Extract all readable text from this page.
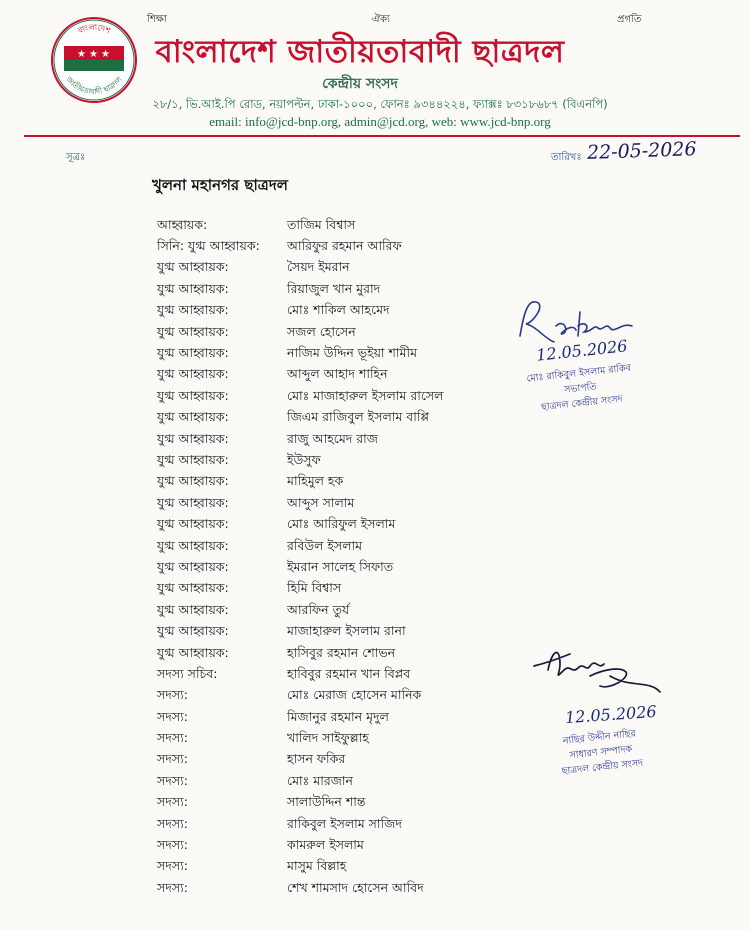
শিক্ষা	ঐক্য	প্রগতি
★ ★ ★
বাংলাদেশ
জাতীয়তাবাদী ছাত্রদল
বাংলাদেশ জাতীয়তাবাদী ছাত্রদল
কেন্দ্রীয় সংসদ
২৮/১, ভি.আই.পি রোড, নয়াপল্টন, ঢাকা-১০০০, ফোনঃ ৯৩৪৪২২৪, ফ্যাক্সঃ ৮৩১৮৬৮৭ (বিএনপি)
email: info@jcd-bnp.org, admin@jcd.org, web: www.jcd-bnp.org
সূত্রঃ	তারিখঃ 22-05-2026
খুলনা মহানগর ছাত্রদল
আহ্বায়ক:	তাজিম বিশ্বাস
সিনি: যুগ্ম আহ্বায়ক:	আরিফুর রহমান আরিফ
যুগ্ম আহ্বায়ক:	সৈয়দ ইমরান
যুগ্ম আহ্বায়ক:	রিয়াজুল খান মুরাদ
যুগ্ম আহ্বায়ক:	মোঃ শাকিল আহমেদ
যুগ্ম আহ্বায়ক:	সজল হোসেন
যুগ্ম আহ্বায়ক:	নাজিম উদ্দিন ভূইয়া শামীম
যুগ্ম আহ্বায়ক:	আব্দুল আহাদ শাহিন
যুগ্ম আহ্বায়ক:	মোঃ মাজাহারুল ইসলাম রাসেল
যুগ্ম আহ্বায়ক:	জিএম রাজিবুল ইসলাম বাপ্পি
যুগ্ম আহ্বায়ক:	রাজু আহমেদ রাজ
যুগ্ম আহ্বায়ক:	ইউসুফ
যুগ্ম আহ্বায়ক:	মাহিমুল হক
যুগ্ম আহ্বায়ক:	আব্দুস সালাম
যুগ্ম আহ্বায়ক:	মোঃ আরিফুল ইসলাম
যুগ্ম আহ্বায়ক:	রবিউল ইসলাম
যুগ্ম আহ্বায়ক:	ইমরান সালেহ সিফাত
যুগ্ম আহ্বায়ক:	হিমি বিশ্বাস
যুগ্ম আহ্বায়ক:	আরফিন তুর্য
যুগ্ম আহ্বায়ক:	মাজাহারুল ইসলাম রানা
যুগ্ম আহ্বায়ক:	হাসিবুর রহমান শোভন
সদস্য সচিব:	হাবিবুর রহমান খান বিপ্লব
সদস্য:	মোঃ মেরাজ হোসেন মানিক
সদস্য:	মিজানুর রহমান মৃদুল
সদস্য:	খালিদ সাইফুল্লাহ
সদস্য:	হাসন ফকির
সদস্য:	মোঃ মারজান
সদস্য:	সালাউদ্দিন শান্ত
সদস্য:	রাকিবুল ইসলাম সাজিদ
সদস্য:	কামরুল ইসলাম
সদস্য:	মাসুম বিল্লাহ
সদস্য:	শেখ শামসাদ হোসেন আবিদ
12.05.2026
মোঃ রাকিবুল ইসলাম রাকিব
সভাপতি
ছাত্রদল কেন্দ্রীয় সংসদ
12.05.2026
নাছির উদ্দীন নাছির
সাধারণ সম্পাদক
ছাত্রদল কেন্দ্রীয় সংসদ
